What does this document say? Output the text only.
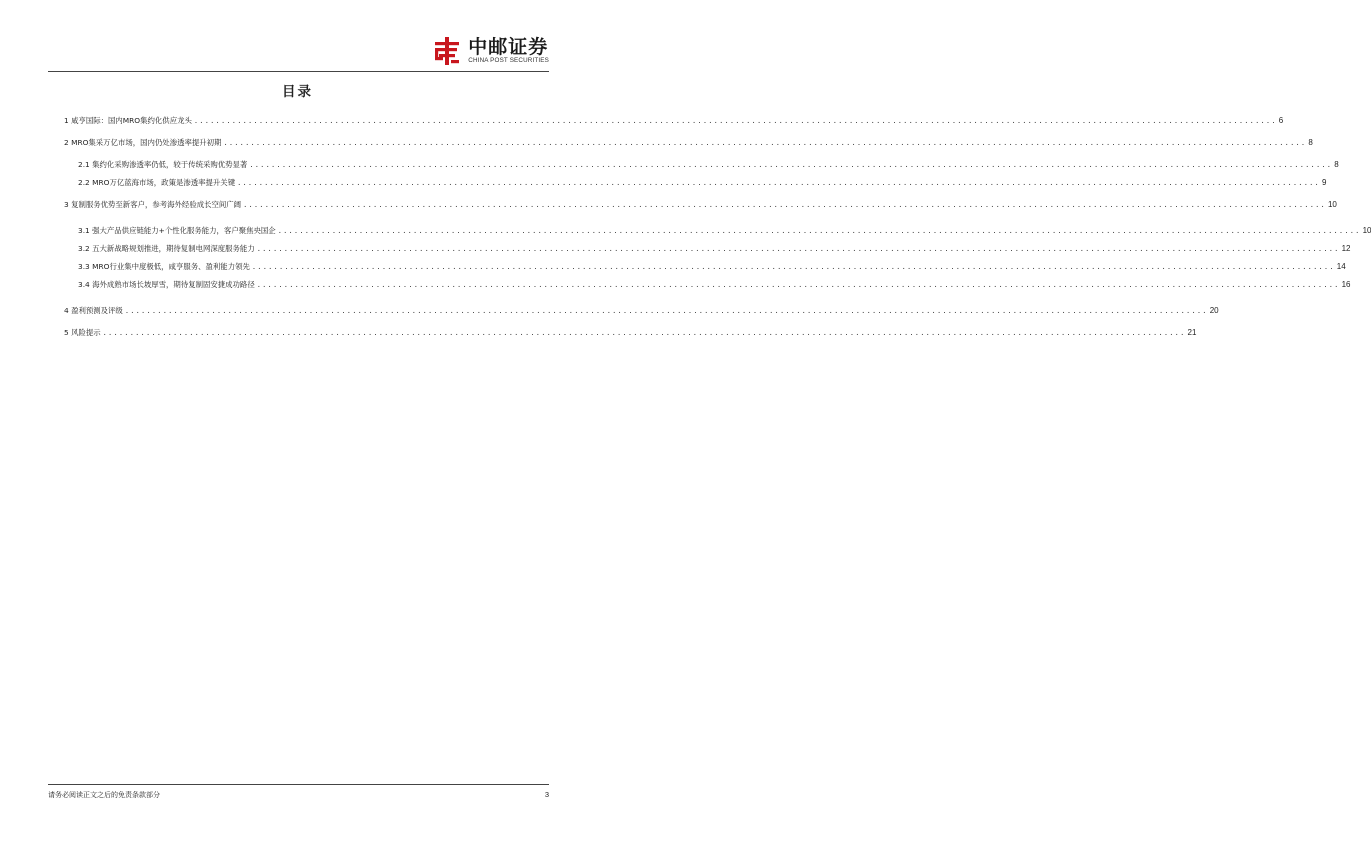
中邮证券
CHINA POST SECURITIES
目录
1 咸亨国际：国内MRO集约化供应龙头 ........................................................................................................................................................................................................ 6
2 MRO集采万亿市场，国内仍处渗透率提升初期 ........................................................................................................................................................................................................ 8
2.1 集约化采购渗透率仍低，较于传统采购优势显著 ........................................................................................................................................................................................................ 8
2.2 MRO万亿蓝海市场，政策是渗透率提升关键 ........................................................................................................................................................................................................ 9
3 复制服务优势至新客户，参考海外经验成长空间广阔 ........................................................................................................................................................................................................ 10
3.1 强大产品供应链能力+个性化服务能力，客户聚焦央国企 ........................................................................................................................................................................................................ 10
3.2 五大新战略规划推进，期待复制电网深度服务能力 ........................................................................................................................................................................................................ 12
3.3 MRO行业集中度极低，咸亨服务、盈利能力领先 ........................................................................................................................................................................................................ 14
3.4 海外成熟市场长坡厚雪，期待复制固安捷成功路径 ........................................................................................................................................................................................................ 16
4 盈利预测及评级 ........................................................................................................................................................................................................ 20
5 风险提示 ........................................................................................................................................................................................................ 21
请务必阅读正文之后的免责条款部分	3
